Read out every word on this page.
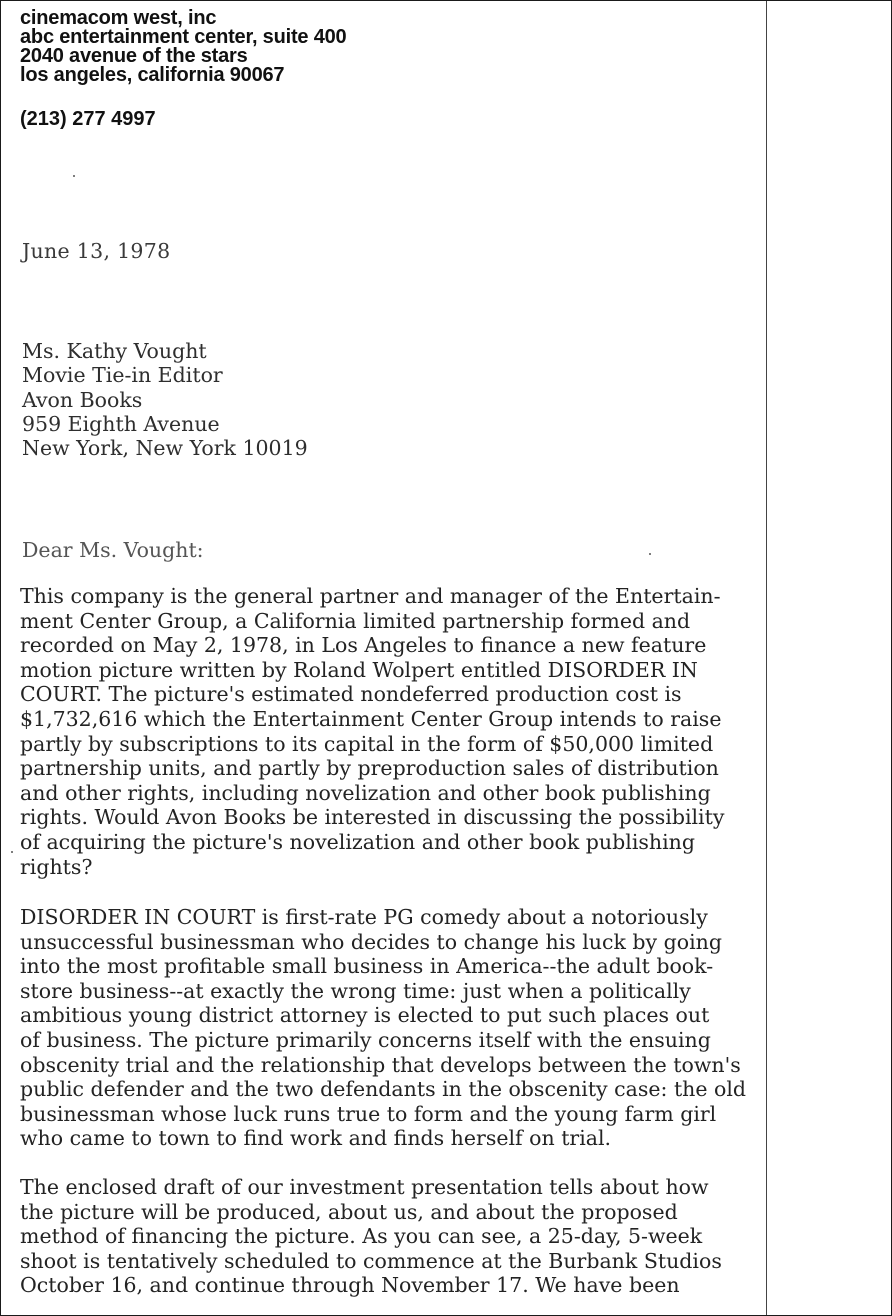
cinemacom west, inc
abc entertainment center, suite 400
2040 avenue of the stars
los angeles, california 90067
(213) 277 4997
June 13, 1978
Ms. Kathy Vought
Movie Tie-in Editor
Avon Books
959 Eighth Avenue
New York, New York 10019
Dear Ms. Vought:
This company is the general partner and manager of the Entertain-
ment Center Group, a California limited partnership formed and
recorded on May 2, 1978, in Los Angeles to finance a new feature
motion picture written by Roland Wolpert entitled DISORDER IN
COURT. The picture's estimated nondeferred production cost is
$1,732,616 which the Entertainment Center Group intends to raise
partly by subscriptions to its capital in the form of $50,000 limited
partnership units, and partly by preproduction sales of distribution
and other rights, including novelization and other book publishing
rights. Would Avon Books be interested in discussing the possibility
of acquiring the picture's novelization and other book publishing
rights?
DISORDER IN COURT is first-rate PG comedy about a notoriously
unsuccessful businessman who decides to change his luck by going
into the most profitable small business in America--the adult book-
store business--at exactly the wrong time: just when a politically
ambitious young district attorney is elected to put such places out
of business. The picture primarily concerns itself with the ensuing
obscenity trial and the relationship that develops between the town's
public defender and the two defendants in the obscenity case: the old
businessman whose luck runs true to form and the young farm girl
who came to town to find work and finds herself on trial.
The enclosed draft of our investment presentation tells about how
the picture will be produced, about us, and about the proposed
method of financing the picture. As you can see, a 25-day, 5-week
shoot is tentatively scheduled to commence at the Burbank Studios
October 16, and continue through November 17. We have been
